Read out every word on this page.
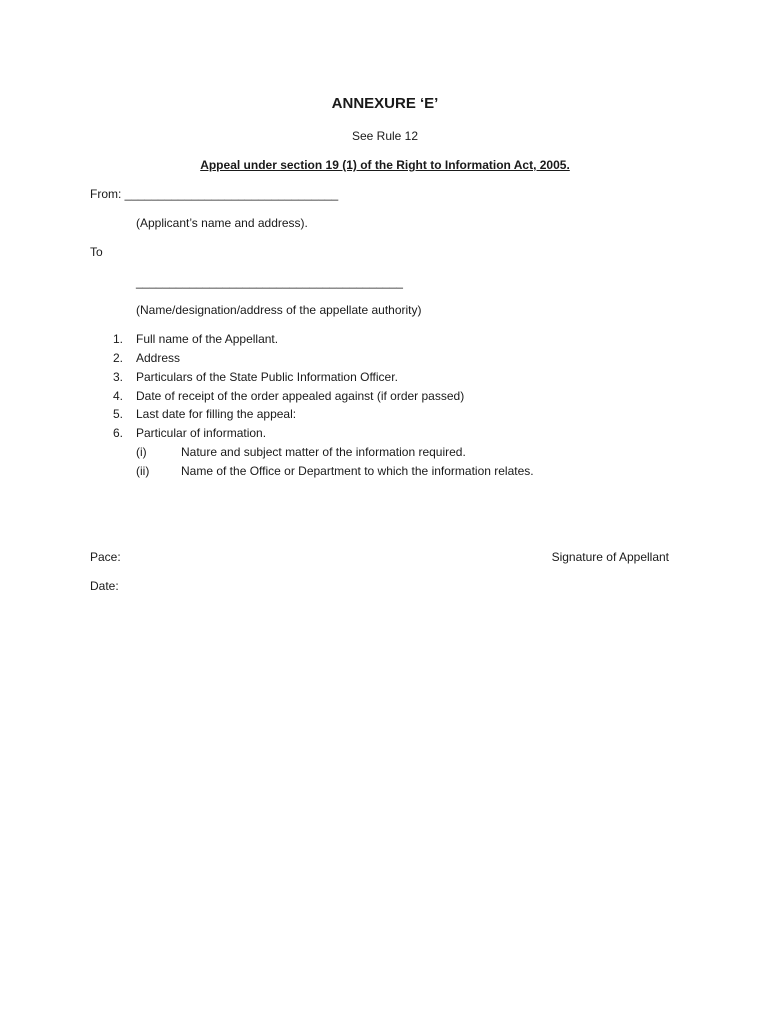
ANNEXURE ‘E’
See Rule 12
Appeal under section 19 (1) of the Right to Information Act, 2005.
From: ________________________________
(Applicant’s name and address).
To
________________________________________
(Name/designation/address of the appellate authority)
1. Full name of the Appellant.
2. Address
3. Particulars of the State Public Information Officer.
4. Date of receipt of the order appealed against (if order passed)
5. Last date for filling the appeal:
6. Particular of information.
(i)	Nature and subject matter of the information required.
(ii)	Name of the Office or Department to which the information relates.
Pace:	Signature of Appellant
Date:
